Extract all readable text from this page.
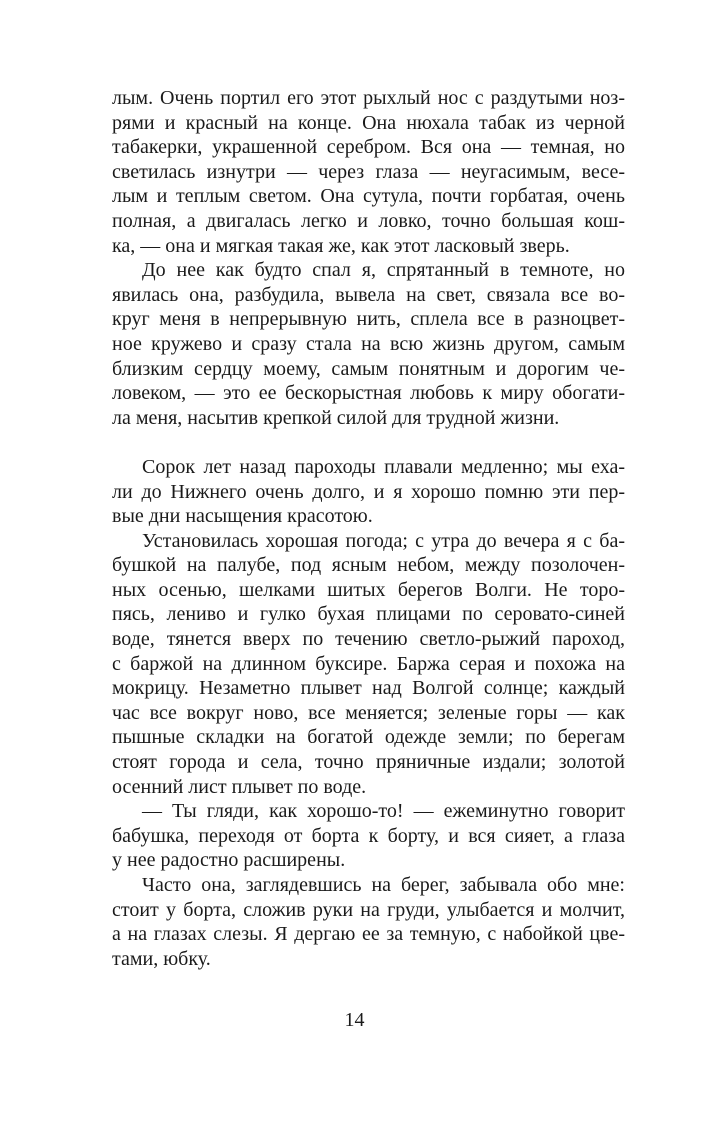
лым. Очень портил его этот рыхлый нос с раздутыми ноз-
рями и красный на конце. Она нюхала табак из черной
табакерки, украшенной серебром. Вся она — темная, но
светилась изнутри — через глаза — неугасимым, весе-
лым и теплым светом. Она сутула, почти горбатая, очень
полная, а двигалась легко и ловко, точно большая кош-
ка, — она и мягкая такая же, как этот ласковый зверь.
До нее как будто спал я, спрятанный в темноте, но
явилась она, разбудила, вывела на свет, связала все во-
круг меня в непрерывную нить, сплела все в разноцвет-
ное кружево и сразу стала на всю жизнь другом, самым
близким сердцу моему, самым понятным и дорогим че-
ловеком, — это ее бескорыстная любовь к миру обогати-
ла меня, насытив крепкой силой для трудной жизни.
Сорок лет назад пароходы плавали медленно; мы еха-
ли до Нижнего очень долго, и я хорошо помню эти пер-
вые дни насыщения красотою.
Установилась хорошая погода; с утра до вечера я с ба-
бушкой на палубе, под ясным небом, между позолочен-
ных осенью, шелками шитых берегов Волги. Не торо-
пясь, лениво и гулко бухая плицами по серовато-синей
воде, тянется вверх по течению светло-рыжий пароход,
с баржой на длинном буксире. Баржа серая и похожа на
мокрицу. Незаметно плывет над Волгой солнце; каждый
час все вокруг ново, все меняется; зеленые горы — как
пышные складки на богатой одежде земли; по берегам
стоят города и села, точно пряничные издали; золотой
осенний лист плывет по воде.
— Ты гляди, как хорошо-то! — ежеминутно говорит
бабушка, переходя от борта к борту, и вся сияет, а глаза
у нее радостно расширены.
Часто она, заглядевшись на берег, забывала обо мне:
стоит у борта, сложив руки на груди, улыбается и молчит,
а на глазах слезы. Я дергаю ее за темную, с набойкой цве-
тами, юбку.
14
